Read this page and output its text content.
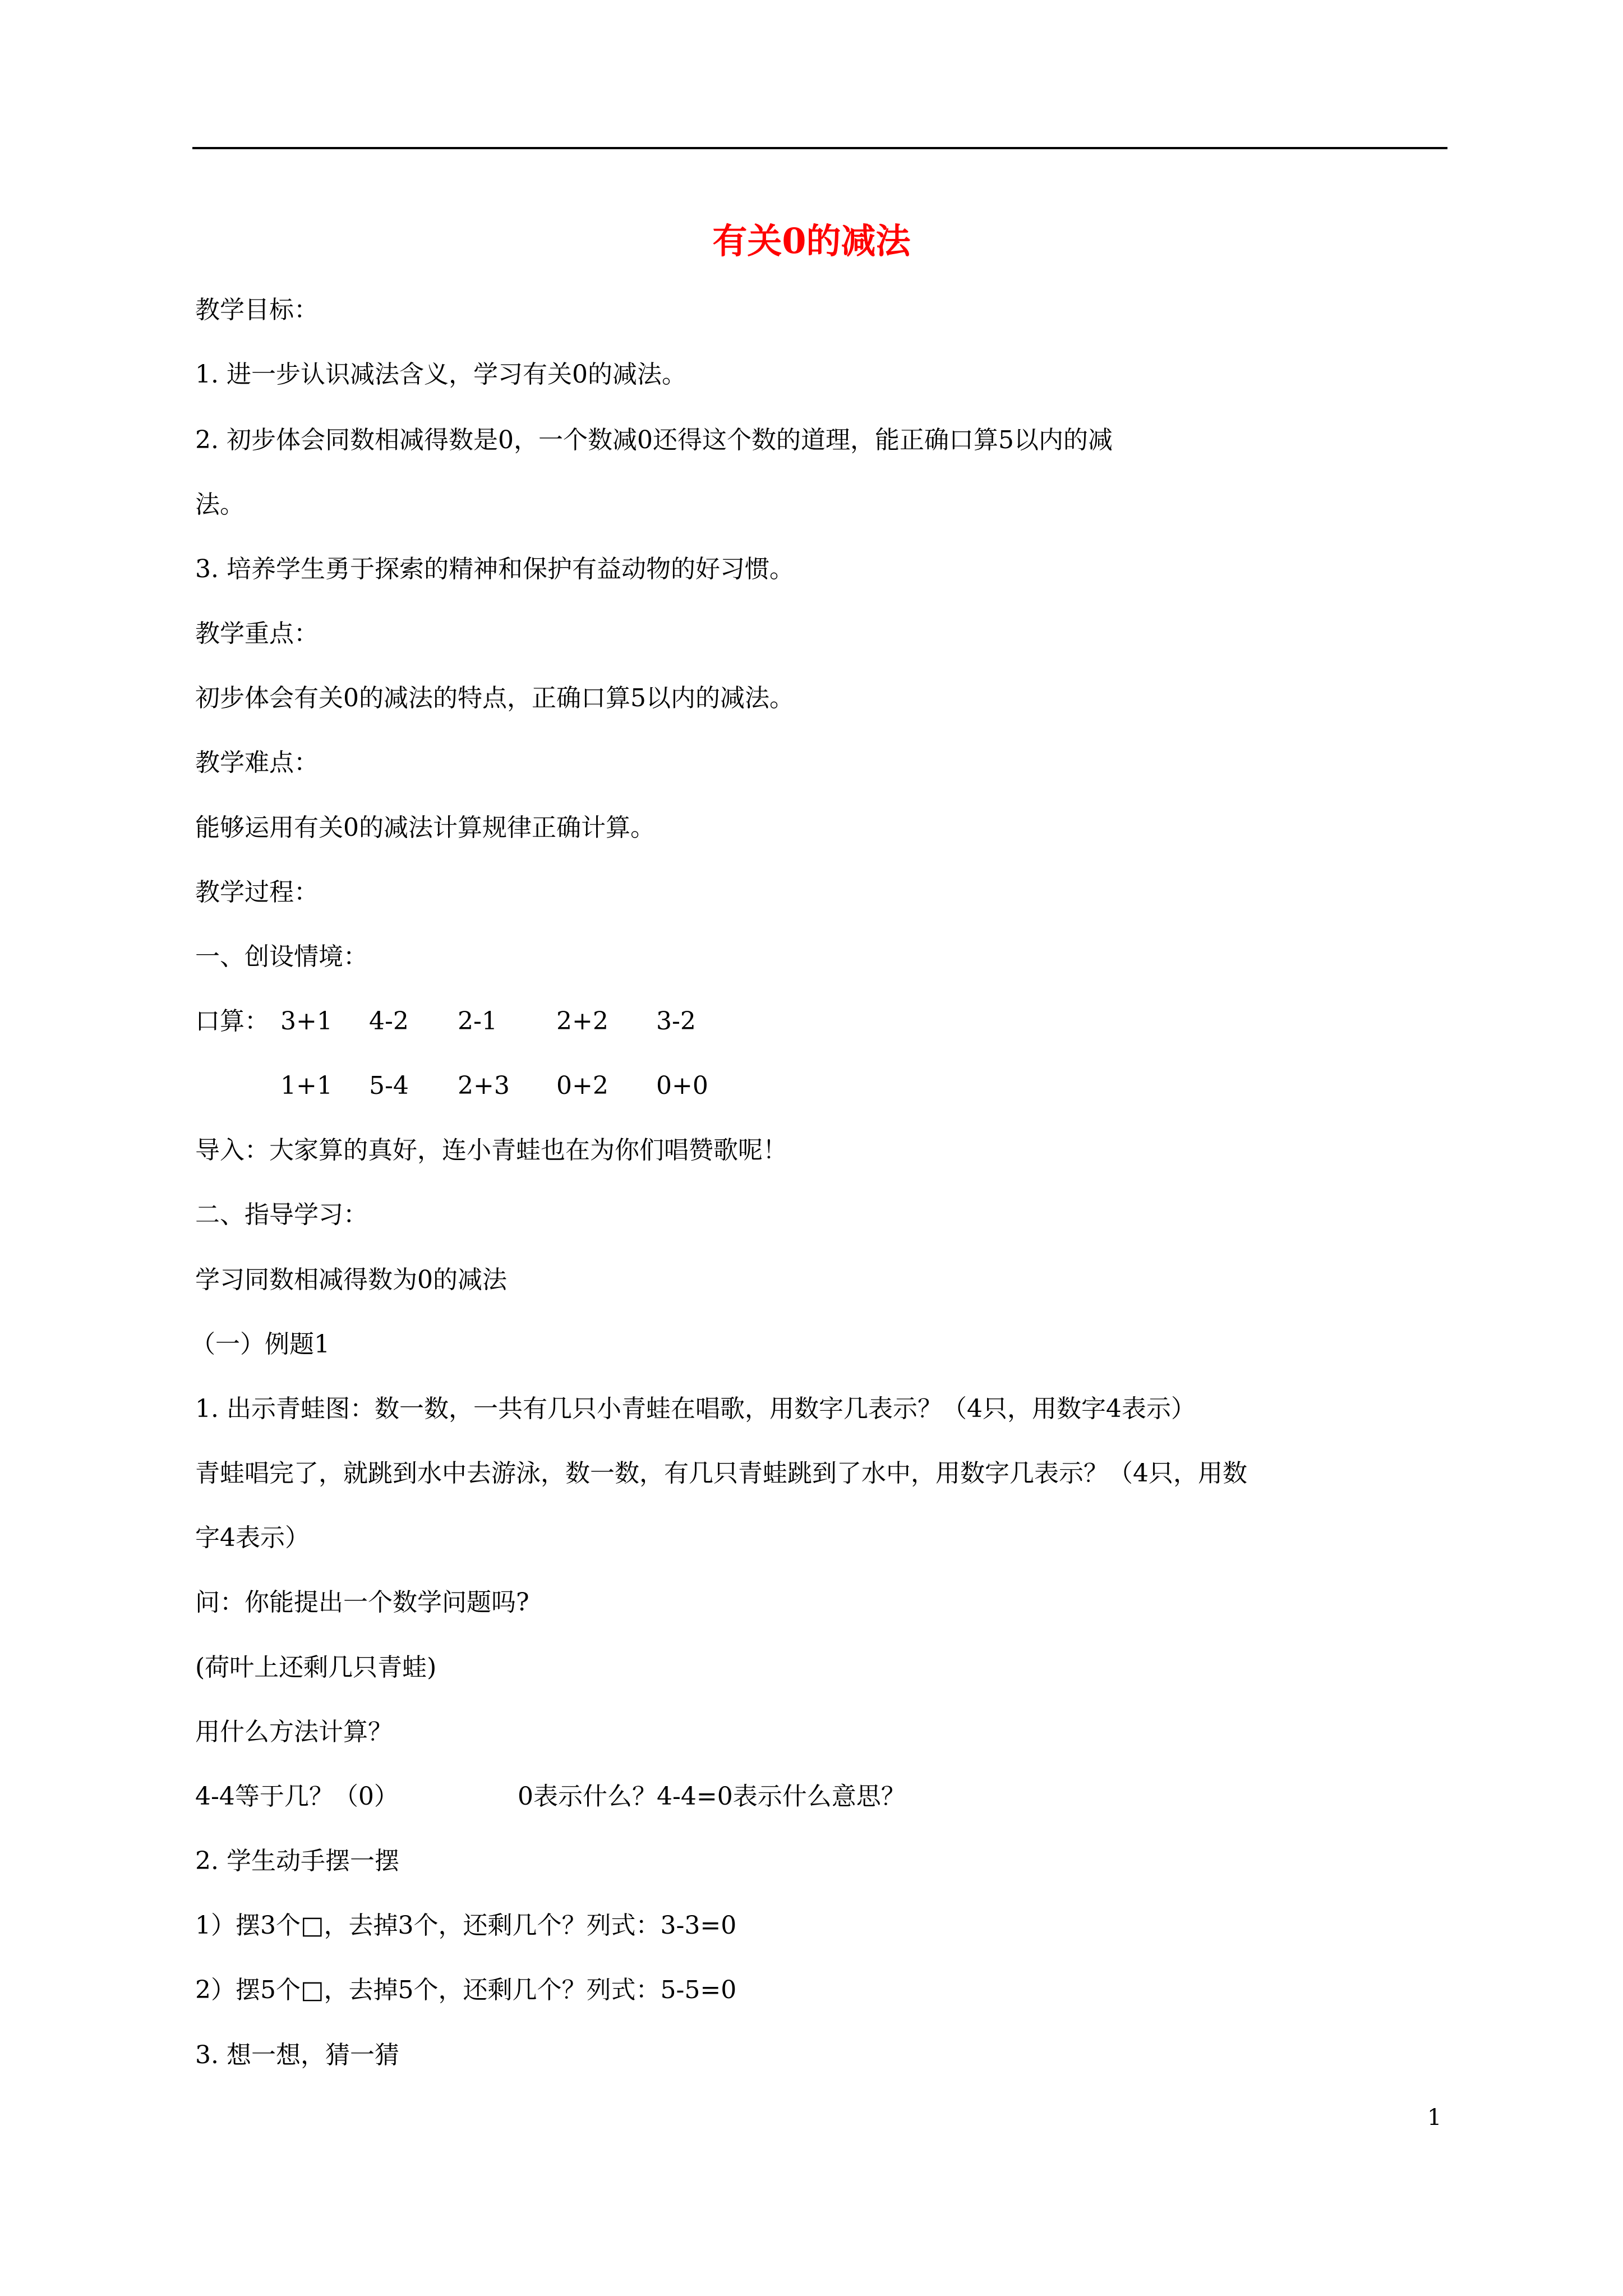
有关0的减法
教学目标：
1. 进一步认识减法含义，学习有关0的减法。
2. 初步体会同数相减得数是0，一个数减0还得这个数的道理，能正确口算5以内的减
法。
3. 培养学生勇于探索的精神和保护有益动物的好习惯。
教学重点：
初步体会有关0的减法的特点，正确口算5以内的减法。
教学难点：
能够运用有关0的减法计算规律正确计算。
教学过程：
一、创设情境：
口算： 3+1 4-2 2-1 2+2 3-2
1+1 5-4 2+3 0+2 0+0
导入：大家算的真好，连小青蛙也在为你们唱赞歌呢！
二、指导学习：
学习同数相减得数为0的减法
（一）例题1
1. 出示青蛙图：数一数，一共有几只小青蛙在唱歌，用数字几表示？（4只，用数字4表示）
青蛙唱完了，就跳到水中去游泳，数一数，有几只青蛙跳到了水中，用数字几表示？（4只，用数
字4表示）
问：你能提出一个数学问题吗?
(荷叶上还剩几只青蛙)
用什么方法计算？
4-4等于几？（0）	0表示什么？4-4=0表示什么意思？
2. 学生动手摆一摆
1）摆3个□，去掉3个，还剩几个？列式：3-3=0
2）摆5个□，去掉5个，还剩几个？列式：5-5=0
3. 想一想，猜一猜
1
